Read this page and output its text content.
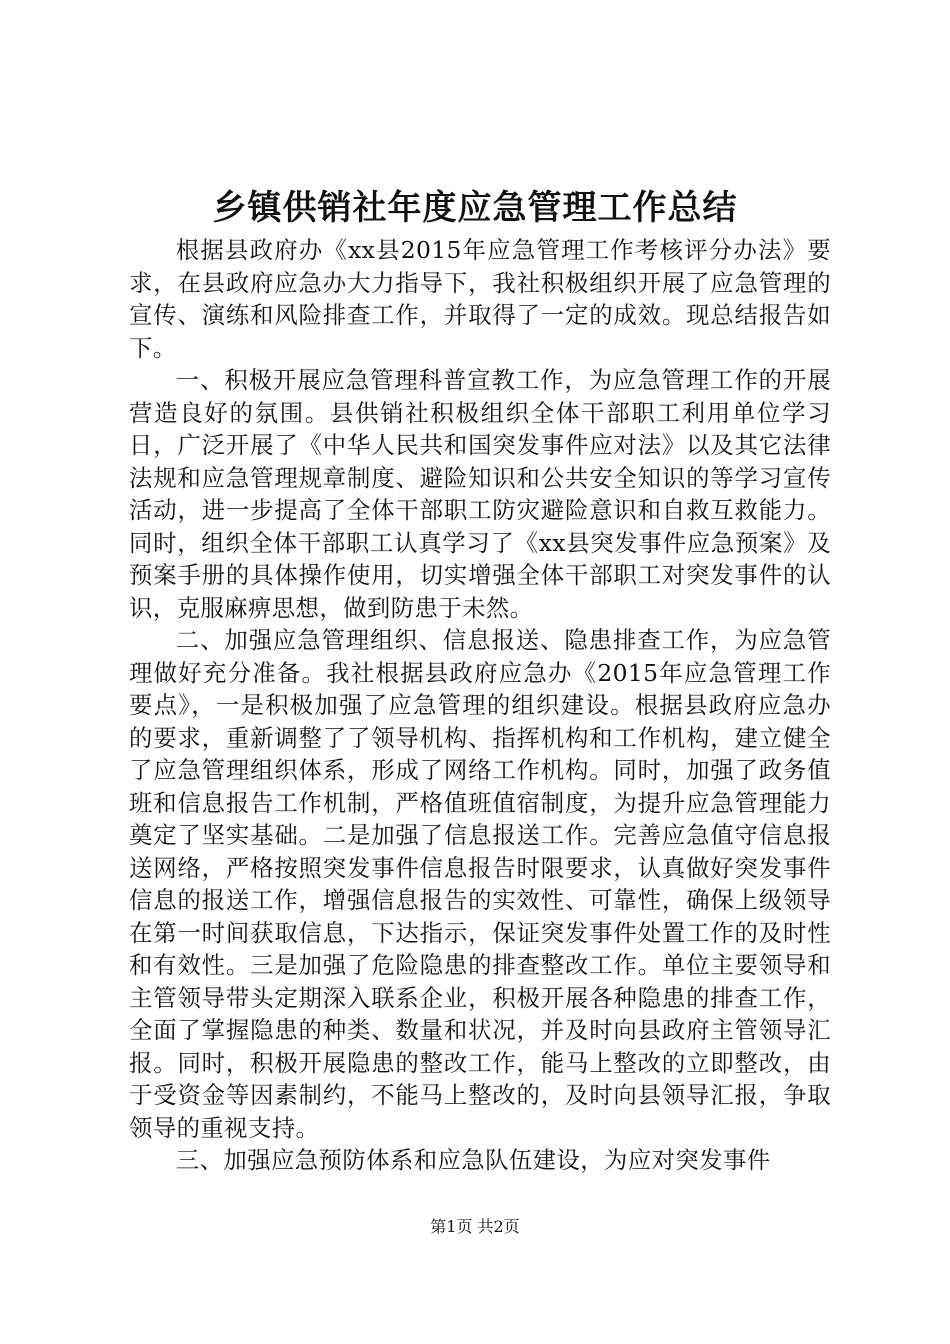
乡镇供销社年度应急管理工作总结

根据县政府办《xx县2015年应急管理工作考核评分办法》要求，在县政府应急办大力指导下，我社积极组织开展了应急管理的宣传、演练和风险排查工作，并取得了一定的成效。现总结报告如下。

一、积极开展应急管理科普宣教工作，为应急管理工作的开展营造良好的氛围。县供销社积极组织全体干部职工利用单位学习日，广泛开展了《中华人民共和国突发事件应对法》以及其它法律法规和应急管理规章制度、避险知识和公共安全知识的等学习宣传活动，进一步提高了全体干部职工防灾避险意识和自救互救能力。同时，组织全体干部职工认真学习了《xx县突发事件应急预案》及预案手册的具体操作使用，切实增强全体干部职工对突发事件的认识，克服麻痹思想，做到防患于未然。

二、加强应急管理组织、信息报送、隐患排查工作，为应急管理做好充分准备。我社根据县政府应急办《2015年应急管理工作要点》，一是积极加强了应急管理的组织建设。根据县政府应急办的要求，重新调整了了领导机构、指挥机构和工作机构，建立健全了应急管理组织体系，形成了网络工作机构。同时，加强了政务值班和信息报告工作机制，严格值班值宿制度，为提升应急管理能力奠定了坚实基础。二是加强了信息报送工作。完善应急值守信息报送网络，严格按照突发事件信息报告时限要求，认真做好突发事件信息的报送工作，增强信息报告的实效性、可靠性，确保上级领导在第一时间获取信息，下达指示，保证突发事件处置工作的及时性和有效性。三是加强了危险隐患的排查整改工作。单位主要领导和主管领导带头定期深入联系企业，积极开展各种隐患的排查工作，全面了掌握隐患的种类、数量和状况，并及时向县政府主管领导汇报。同时，积极开展隐患的整改工作，能马上整改的立即整改，由于受资金等因素制约，不能马上整改的，及时向县领导汇报，争取领导的重视支持。

三、加强应急预防体系和应急队伍建设，为应对突发事件

第1页 共2页
